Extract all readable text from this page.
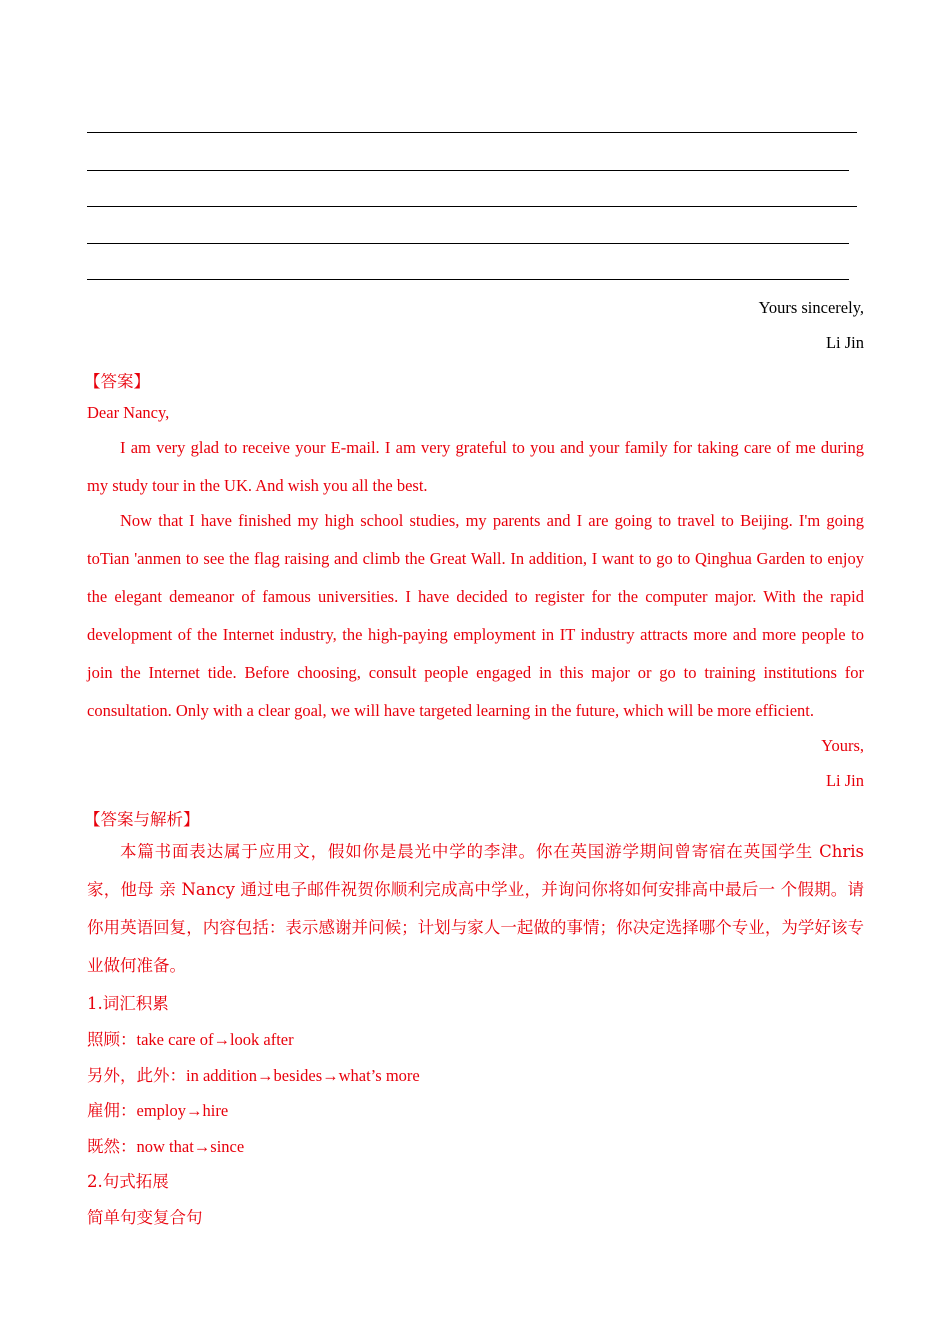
Yours sincerely,
Li Jin
【答案】
Dear Nancy,
I am very glad to receive your E-mail. I am very grateful to you and your family for taking care of me during my study tour in the UK. And wish you all the best.
Now that I have finished my high school studies, my parents and I are going to travel to Beijing. I'm going toTian 'anmen to see the flag raising and climb the Great Wall. In addition, I want to go to Qinghua Garden to enjoy the elegant demeanor of famous universities. I have decided to register for the computer major. With the rapid development of the Internet industry, the high-paying employment in IT industry attracts more and more people to join the Internet tide. Before choosing, consult people engaged in this major or go to training institutions for consultation. Only with a clear goal, we will have targeted learning in the future, which will be more efficient.
Yours,
Li Jin
【答案与解析】
本篇书面表达属于应用文，假如你是晨光中学的李津。你在英国游学期间曾寄宿在英国学生 Chris 家，他母 亲 Nancy 通过电子邮件祝贺你顺利完成高中学业，并询问你将如何安排高中最后一 个假期。请你用英语回复，内容包括：表示感谢并问候；计划与家人一起做的事情；你决定选择哪个专业，为学好该专业做何准备。
1.词汇积累
照顾：take care of→look after
另外，此外：in addition→besides→what’s more
雇佣：employ→hire
既然：now that→since
2.句式拓展
简单句变复合句
